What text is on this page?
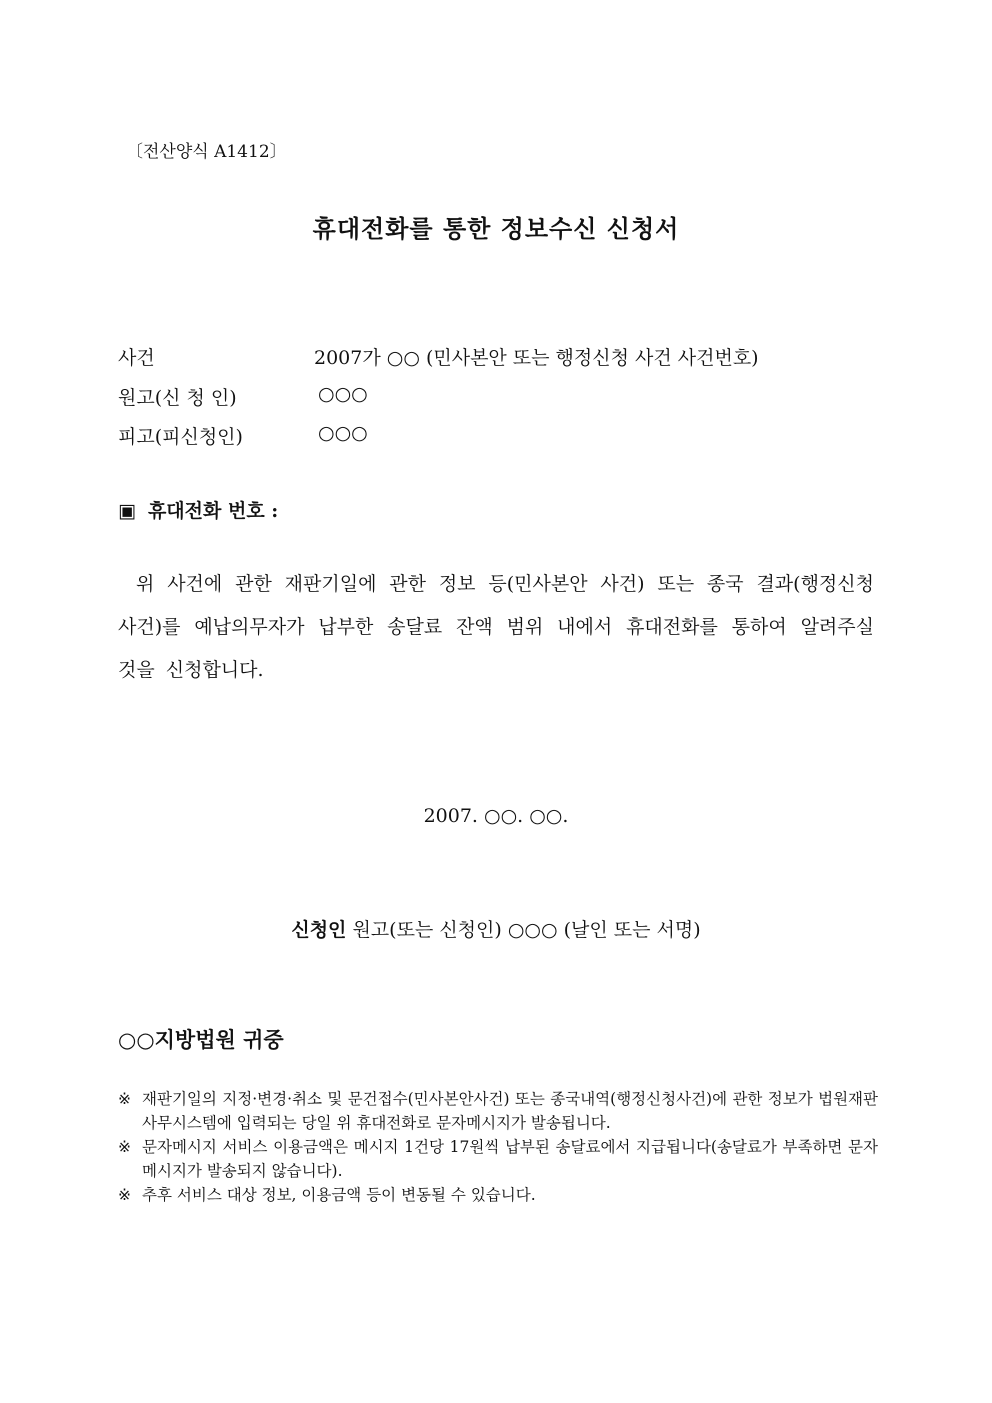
〔전산양식 A1412〕
휴대전화를 통한 정보수신 신청서
사건	2007가 ○○ (민사본안 또는 행정신청 사건 사건번호)
원고(신 청 인)	○○○
피고(피신청인)	○○○
▣ 휴대전화 번호 :
위 사건에 관한 재판기일에 관한 정보 등(민사본안 사건) 또는 종국 결과(행정신청사건)를 예납의무자가 납부한 송달료 잔액 범위 내에서 휴대전화를 통하여 알려주실 것을 신청합니다.
2007. ○○. ○○.
신청인 원고(또는 신청인) ○○○ (날인 또는 서명)
○○지방법원 귀중

※ 재판기일의 지정·변경·취소 및 문건접수(민사본안사건) 또는 종국내역(행정신청사건)에 관한 정보가 법원재판사무시스템에 입력되는 당일 위 휴대전화로 문자메시지가 발송됩니다.

※ 문자메시지 서비스 이용금액은 메시지 1건당 17원씩 납부된 송달료에서 지급됩니다(송달료가 부족하면 문자메시지가 발송되지 않습니다).

※ 추후 서비스 대상 정보, 이용금액 등이 변동될 수 있습니다.
